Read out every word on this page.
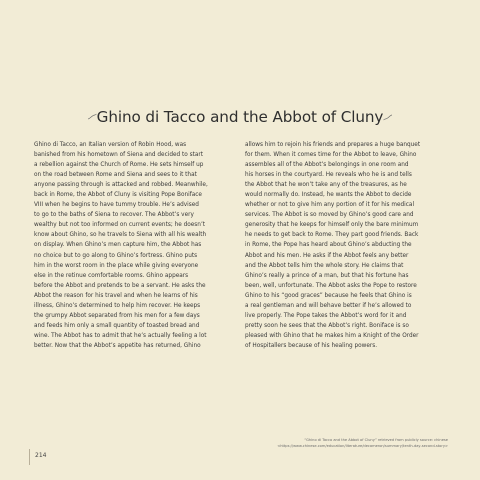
Ghino di Tacco and the Abbot of Cluny

Ghino di Tacco, an Italian version of Robin Hood, was

banished from his hometown of Siena and decided to start

a rebellion against the Church of Rome. He sets himself up

on the road between Rome and Siena and sees to it that

anyone passing through is attacked and robbed. Meanwhile,

back in Rome, the Abbot of Cluny is visiting Pope Boniface

VIII when he begins to have tummy trouble. He’s advised

to go to the baths of Siena to recover. The Abbot’s very

wealthy but not too informed on current events; he doesn’t

know about Ghino, so he travels to Siena with all his wealth

on display. When Ghino’s men capture him, the Abbot has

no choice but to go along to Ghino’s fortress. Ghino puts

him in the worst room in the place while giving everyone

else in the retinue comfortable rooms. Ghino appears

before the Abbot and pretends to be a servant. He asks the

Abbot the reason for his travel and when he learns of his

illness, Ghino’s determined to help him recover. He keeps

the grumpy Abbot separated from his men for a few days

and feeds him only a small quantity of toasted bread and

wine. The Abbot has to admit that he’s actually feeling a lot

better. Now that the Abbot’s appetite has returned, Ghino

allows him to rejoin his friends and prepares a huge banquet

for them. When it comes time for the Abbot to leave, Ghino

assembles all of the Abbot’s belongings in one room and

his horses in the courtyard. He reveals who he is and tells

the Abbot that he won’t take any of the treasures, as he

would normally do. Instead, he wants the Abbot to decide

whether or not to give him any portion of it for his medical

services. The Abbot is so moved by Ghino’s good care and

generosity that he keeps for himself only the bare minimum

he needs to get back to Rome. They part good friends. Back

in Rome, the Pope has heard about Ghino’s abducting the

Abbot and his men. He asks if the Abbot feels any better

and the Abbot tells him the whole story. He claims that

Ghino’s really a prince of a man, but that his fortune has

been, well, unfortunate. The Abbot asks the Pope to restore

Ghino to his “good graces” because he feels that Ghino is

a real gentleman and will behave better if he’s allowed to

live properly. The Pope takes the Abbot’s word for it and

pretty soon he sees that the Abbot’s right. Boniface is so

pleased with Ghino that he makes him a Knight of the Order

of Hospitallers because of his healing powers.

“Ghino di Tacco and the Abbot of Cluny” retrieved from publicly source: chinese
<https://www.chinese.com/education/literature/decameron/summary/tenth-day-second-story>
214
